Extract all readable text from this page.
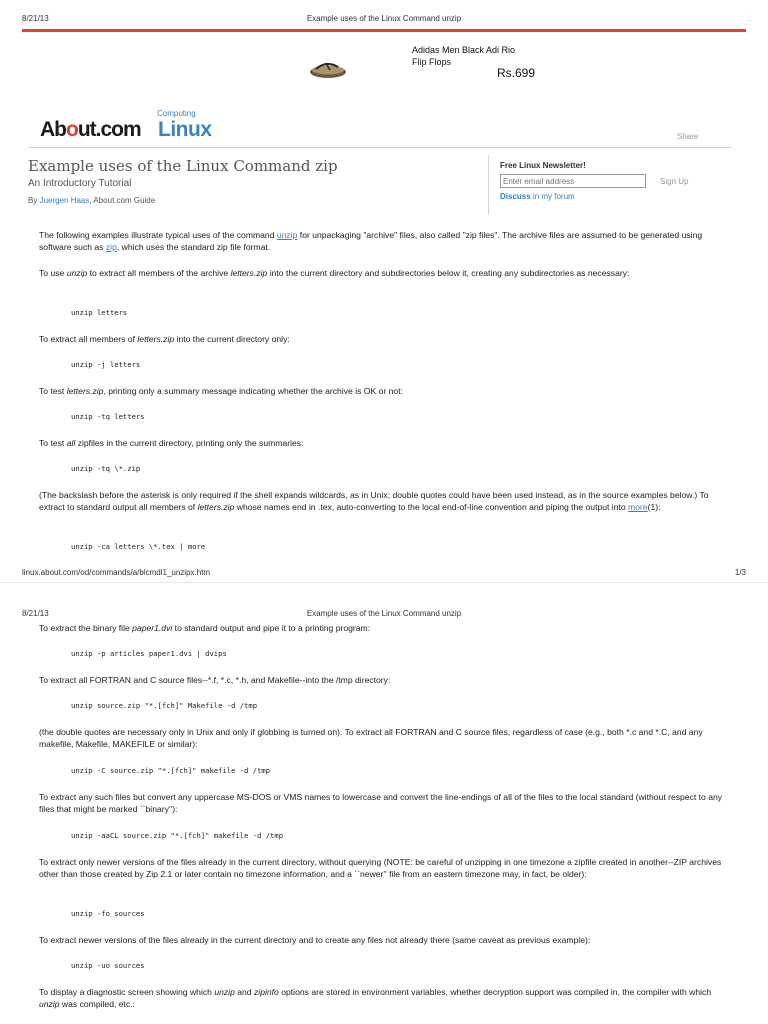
8/21/13	Example uses of the Linux Command unzip
Adidas Men Black Adi Rio Flip Flops
Rs.699
Computing
About.com Linux	Share
Example uses of the Linux Command zip
An Introductory Tutorial
By Juergen Haas, About.com Guide
Free Linux Newsletter!
Enter email address
Sign Up
Discuss in my forum

The following examples illustrate typical uses of the command unzip for unpackaging "archive" files, also called "zip files". The archive files are assumed to be generated using software such as zip, which uses the standard zip file format.

To use unzip to extract all members of the archive letters.zip into the current directory and subdirectories below it, creating any subdirectories as necessary:

unzip letters

To extract all members of letters.zip into the current directory only:

unzip -j letters

To test letters.zip, printing only a summary message indicating whether the archive is OK or not:

unzip -tq letters

To test all zipfiles in the current directory, printing only the summaries:

unzip -tq \*.zip

(The backslash before the asterisk is only required if the shell expands wildcards, as in Unix; double quotes could have been used instead, as in the source examples below.) To extract to standard output all members of letters.zip whose names end in .tex, auto-converting to the local end-of-line convention and piping the output into more(1):

unzip -ca letters \*.tex | more

linux.about.com/od/commands/a/blcmdl1_unzipx.htm	1/3
8/21/13	Example uses of the Linux Command unzip

To extract the binary file paper1.dvi to standard output and pipe it to a printing program:

unzip -p articles paper1.dvi | dvips

To extract all FORTRAN and C source files--*.f, *.c, *.h, and Makefile--into the /tmp directory:

unzip source.zip "*.[fch]" Makefile -d /tmp

(the double quotes are necessary only in Unix and only if globbing is turned on). To extract all FORTRAN and C source files, regardless of case (e.g., both *.c and *.C, and any makefile, Makefile, MAKEFILE or similar):

unzip -C source.zip "*.[fch]" makefile -d /tmp

To extract any such files but convert any uppercase MS-DOS or VMS names to lowercase and convert the line-endings of all of the files to the local standard (without respect to any files that might be marked ``binary''):

unzip -aaCL source.zip "*.[fch]" makefile -d /tmp

To extract only newer versions of the files already in the current directory, without querying (NOTE: be careful of unzipping in one timezone a zipfile created in another--ZIP archives other than those created by Zip 2.1 or later contain no timezone information, and a ``newer'' file from an eastern timezone may, in fact, be older):

unzip -fo sources

To extract newer versions of the files already in the current directory and to create any files not already there (same caveat as previous example):

unzip -uo sources

To display a diagnostic screen showing which unzip and zipinfo options are stored in environment variables, whether decryption support was compiled in, the compiler with which unzip was compiled, etc.:
